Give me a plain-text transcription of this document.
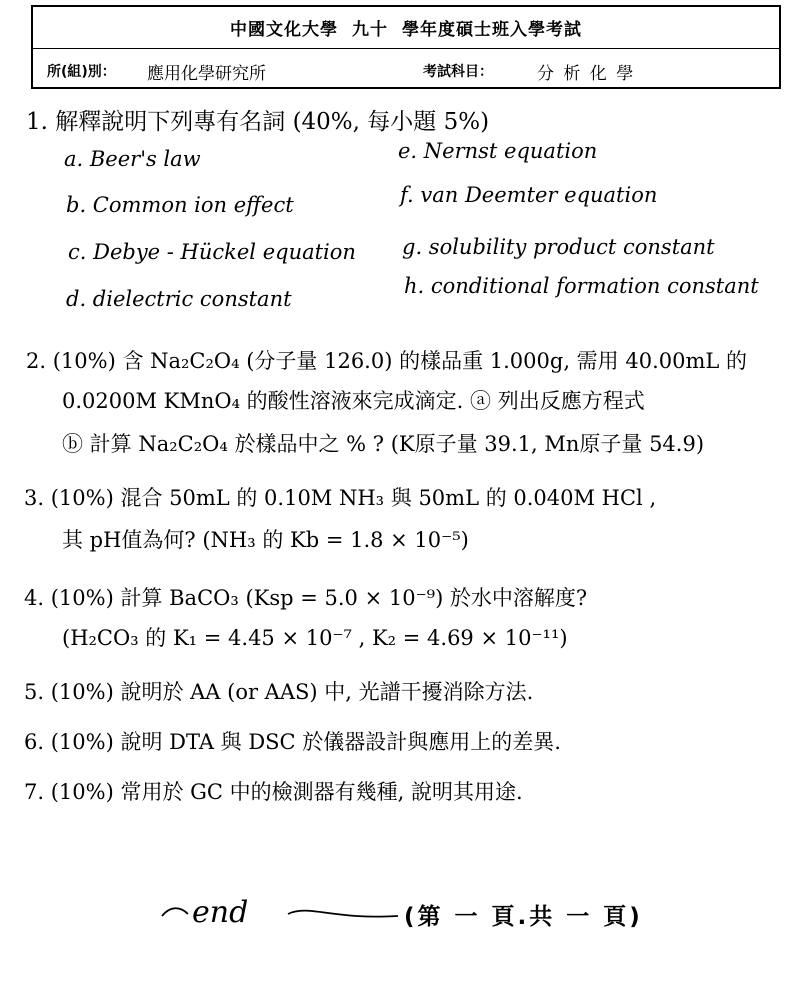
中國文化大學 九十 學年度碩士班入學考試
所(組)別： 應用化學研究所	考試科目：	分 析 化 學
1. 解釋說明下列專有名詞 (40%, 每小題 5%)
a. Beer's law
b. Common ion effect
c. Debye - Hückel equation
d. dielectric constant
e. Nernst equation
f. van Deemter equation
g. solubility product constant
h. conditional formation constant
2. (10%) 含 Na₂C₂O₄ (分子量 126.0) 的樣品重 1.000g, 需用 40.00mL 的
0.0200M KMnO₄ 的酸性溶液來完成滴定. ⓐ 列出反應方程式
ⓑ 計算 Na₂C₂O₄ 於樣品中之 % ? (K原子量 39.1, Mn原子量 54.9)
3. (10%) 混合 50mL 的 0.10M NH₃ 與 50mL 的 0.040M HCl ,
其 pH值為何? (NH₃ 的 Kb = 1.8 × 10⁻⁵)
4. (10%) 計算 BaCO₃ (Ksp = 5.0 × 10⁻⁹) 於水中溶解度?
(H₂CO₃ 的 K₁ = 4.45 × 10⁻⁷ , K₂ = 4.69 × 10⁻¹¹)
5. (10%) 說明於 AA (or AAS) 中, 光譜干擾消除方法.
6. (10%) 說明 DTA 與 DSC 於儀器設計與應用上的差異.
7. (10%) 常用於 GC 中的檢測器有幾種, 說明其用途.
end	(第 一 頁.共 一 頁)
